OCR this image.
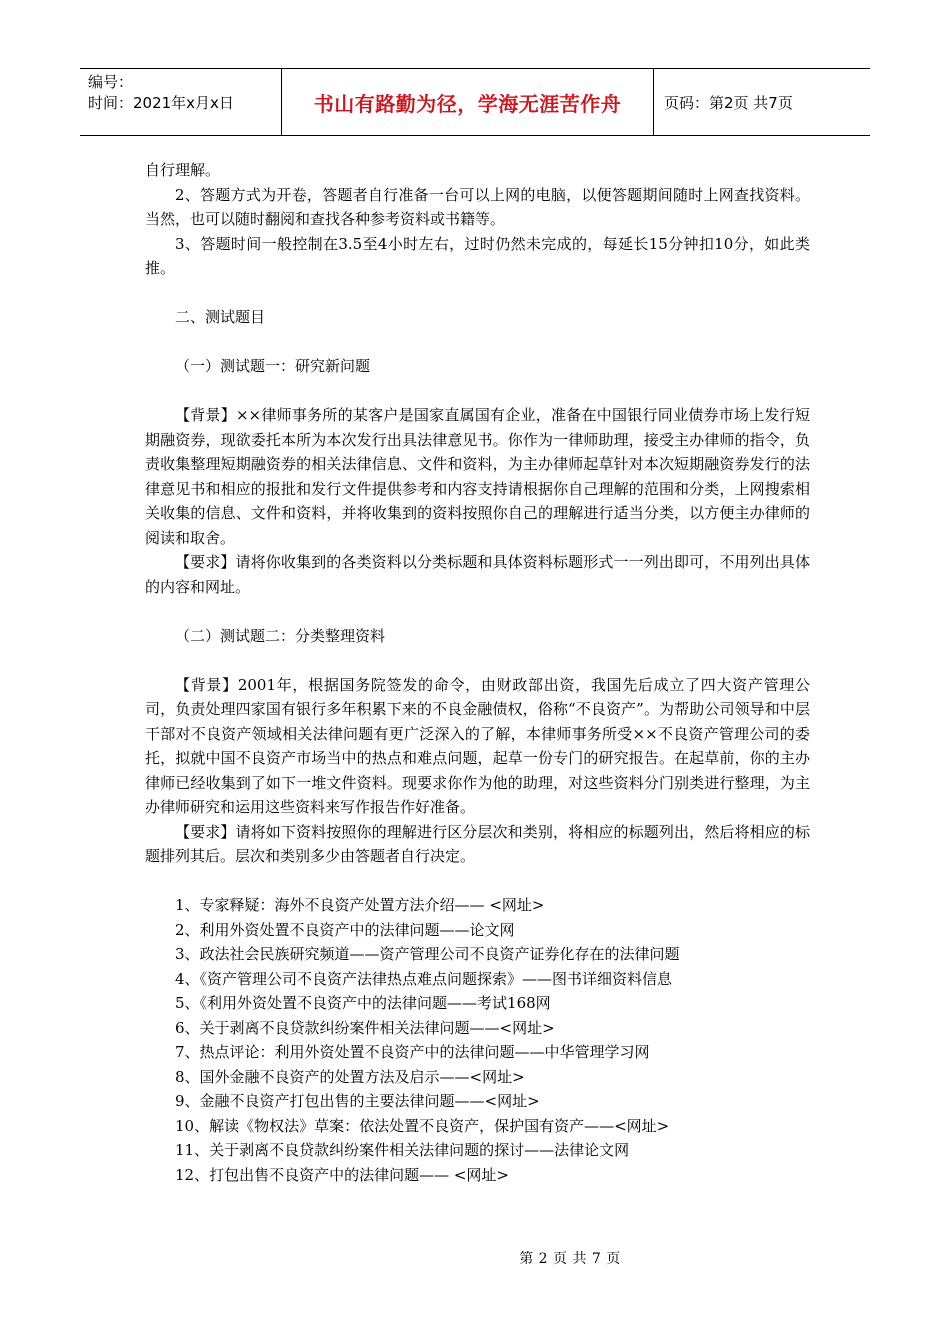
编号：
时间：2021年x月x日	书山有路勤为径，学海无涯苦作舟	页码：第2页 共7页

自行理解。

2、答题方式为开卷，答题者自行准备一台可以上网的电脑，以便答题期间随时上网查找资料。当然，也可以随时翻阅和查找各种参考资料或书籍等。

3、答题时间一般控制在3.5至4小时左右，过时仍然未完成的，每延长15分钟扣10分，如此类推。

二、测试题目

（一）测试题一：研究新问题

【背景】××律师事务所的某客户是国家直属国有企业，准备在中国银行同业债券市场上发行短期融资券，现欲委托本所为本次发行出具法律意见书。你作为一律师助理，接受主办律师的指令，负责收集整理短期融资券的相关法律信息、文件和资料，为主办律师起草针对本次短期融资券发行的法律意见书和相应的报批和发行文件提供参考和内容支持请根据你自己理解的范围和分类，上网搜索相关收集的信息、文件和资料，并将收集到的资料按照你自己的理解进行适当分类，以方便主办律师的阅读和取舍。

【要求】请将你收集到的各类资料以分类标题和具体资料标题形式一一列出即可，不用列出具体的内容和网址。

（二）测试题二：分类整理资料

【背景】2001年，根据国务院签发的命令，由财政部出资，我国先后成立了四大资产管理公司，负责处理四家国有银行多年积累下来的不良金融债权，俗称“不良资产”。为帮助公司领导和中层干部对不良资产领域相关法律问题有更广泛深入的了解，本律师事务所受××不良资产管理公司的委托，拟就中国不良资产市场当中的热点和难点问题，起草一份专门的研究报告。在起草前，你的主办律师已经收集到了如下一堆文件资料。现要求你作为他的助理，对这些资料分门别类进行整理，为主办律师研究和运用这些资料来写作报告作好准备。

【要求】请将如下资料按照你的理解进行区分层次和类别，将相应的标题列出，然后将相应的标题排列其后。层次和类别多少由答题者自行决定。

1、专家释疑：海外不良资产处置方法介绍—— <网址>

2、利用外资处置不良资产中的法律问题——论文网

3、政法社会民族研究频道——资产管理公司不良资产证券化存在的法律问题

4、《资产管理公司不良资产法律热点难点问题探索》——图书详细资料信息

5、《利用外资处置不良资产中的法律问题——考试168网

6、关于剥离不良贷款纠纷案件相关法律问题——<网址>

7、热点评论：利用外资处置不良资产中的法律问题——中华管理学习网

8、国外金融不良资产的处置方法及启示——<网址>

9、金融不良资产打包出售的主要法律问题——<网址>

10、解读《物权法》草案：依法处置不良资产，保护国有资产——<网址>

11、关于剥离不良贷款纠纷案件相关法律问题的探讨——法律论文网

12、打包出售不良资产中的法律问题—— <网址>

第 2 页 共 7 页
